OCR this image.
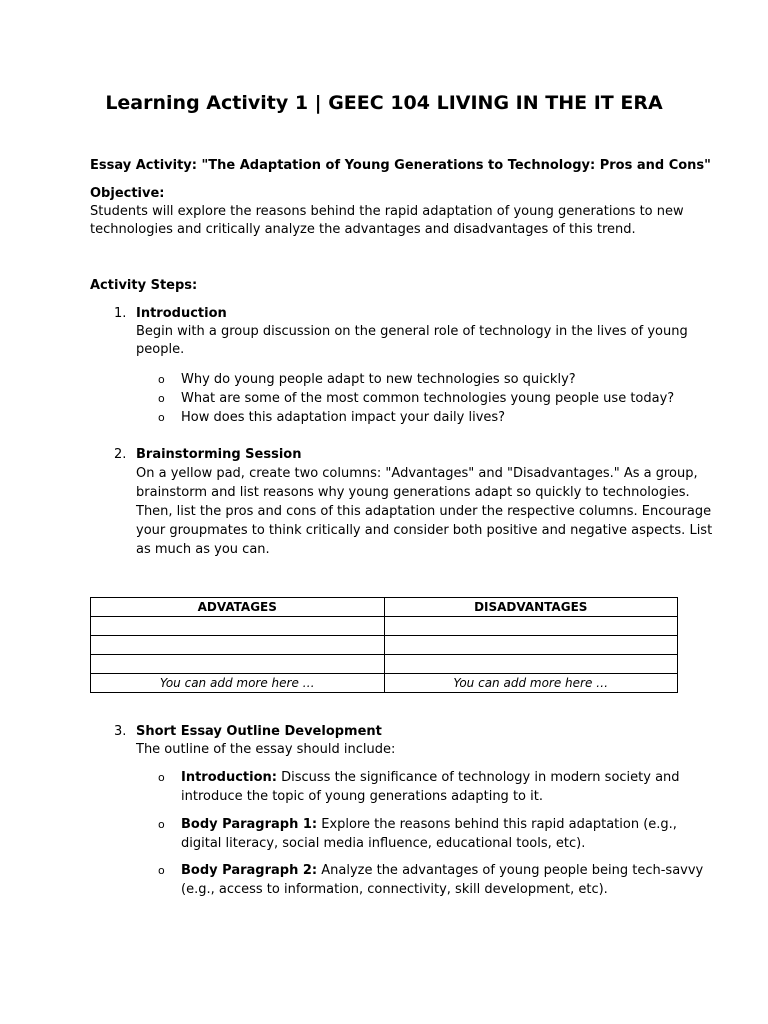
Learning Activity 1 | GEEC 104 LIVING IN THE IT ERA
Essay Activity: "The Adaptation of Young Generations to Technology: Pros and Cons"
Objective:
Students will explore the reasons behind the rapid adaptation of young generations to new
technologies and critically analyze the advantages and disadvantages of this trend.
Activity Steps:
1. Introduction
Begin with a group discussion on the general role of technology in the lives of young
people.
o Why do young people adapt to new technologies so quickly?
o What are some of the most common technologies young people use today?
o How does this adaptation impact your daily lives?
2. Brainstorming Session
On a yellow pad, create two columns: "Advantages" and "Disadvantages." As a group,
brainstorm and list reasons why young generations adapt so quickly to technologies.
Then, list the pros and cons of this adaptation under the respective columns. Encourage
your groupmates to think critically and consider both positive and negative aspects. List
as much as you can.
ADVATAGES	DISADVANTAGES

You can add more here …	You can add more here …
3. Short Essay Outline Development
The outline of the essay should include:
o Introduction: Discuss the significance of technology in modern society and
introduce the topic of young generations adapting to it.
o Body Paragraph 1: Explore the reasons behind this rapid adaptation (e.g.,
digital literacy, social media influence, educational tools, etc).
o Body Paragraph 2: Analyze the advantages of young people being tech-savvy
(e.g., access to information, connectivity, skill development, etc).
